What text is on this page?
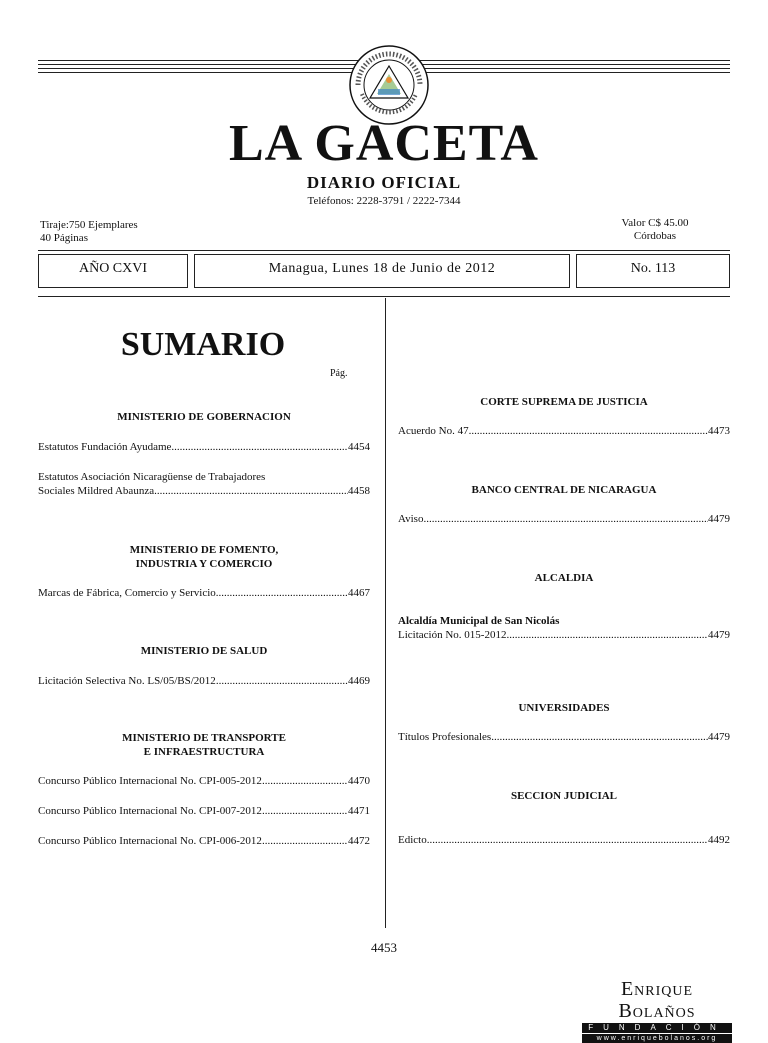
LA GACETA
DIARIO OFICIAL
Teléfonos: 2228-3791 / 2222-7344
Tiraje:750 Ejemplares
40 Páginas
Valor C$ 45.00
Córdobas
AÑO CXVI	Managua, Lunes 18 de Junio de 2012	No. 113
SUMARIO
Pág.
MINISTERIO DE GOBERNACION
Estatutos Fundación Ayudame .....	4454
Estatutos Asociación Nicaragüense de Trabajadores
Sociales Mildred Abaunza .....	4458
MINISTERIO DE FOMENTO,
INDUSTRIA Y COMERCIO
Marcas de Fábrica, Comercio y Servicio .....	4467
MINISTERIO DE SALUD
Licitación Selectiva No. LS/05/BS/2012 .....	4469
MINISTERIO DE TRANSPORTE
E INFRAESTRUCTURA
Concurso Público Internacional No. CPI-005-2012 .....	4470
Concurso Público Internacional No. CPI-007-2012 .....	4471
Concurso Público Internacional No. CPI-006-2012 .....	4472
CORTE SUPREMA DE JUSTICIA
Acuerdo No. 47 .....	4473
BANCO CENTRAL DE NICARAGUA
Aviso .....	4479
ALCALDIA
Alcaldía Municipal de San Nicolás
Licitación No. 015-2012 .....	4479
UNIVERSIDADES
Títulos Profesionales .....	4479
SECCION JUDICIAL
Edicto .....	4492
4453
Enrique Bolaños
FUNDACIÓN
www.enriquebolanos.org
